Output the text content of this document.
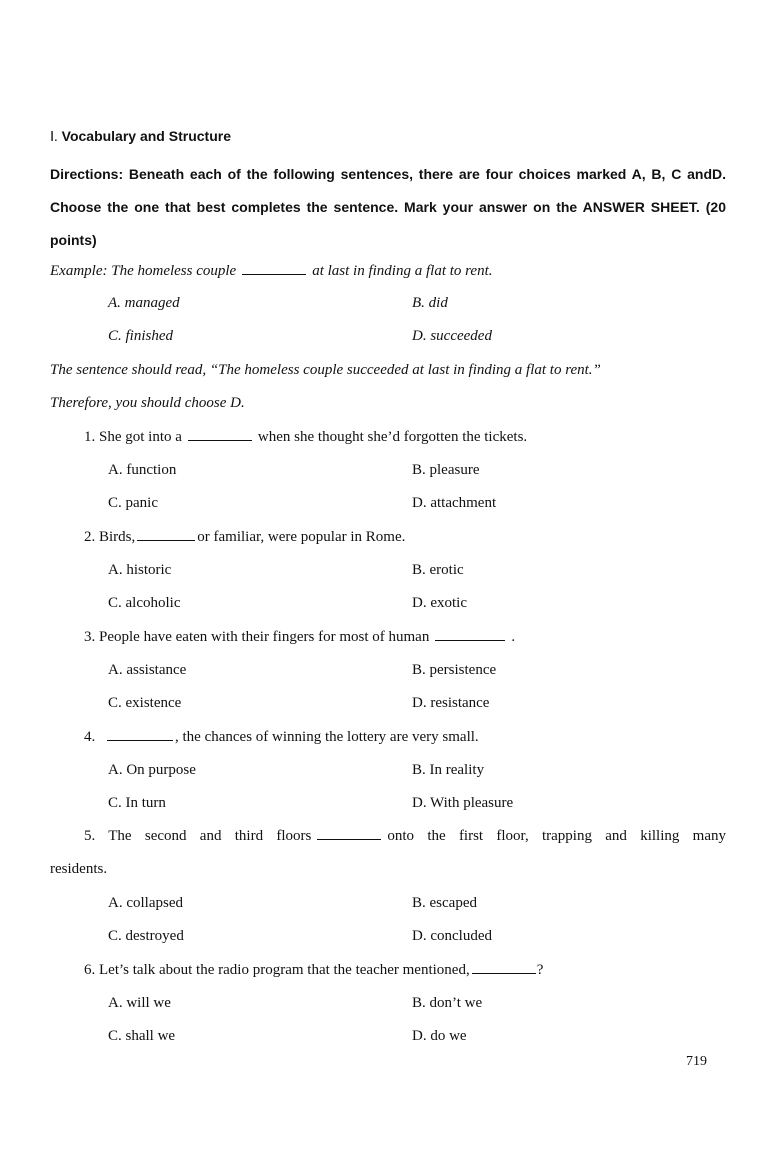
Ⅰ. Vocabulary and Structure

Directions: Beneath each of the following sentences, there are four choices marked A, B, C andD. Choose the one that best completes the sentence. Mark your answer on the ANSWER SHEET. (20 points)

Example: The homeless couple	at last in finding a flat to rent.
A. managed	B. did
C. finished	D. succeeded
The sentence should read, “The homeless couple succeeded at last in finding a flat to rent.”
Therefore, you should choose D.
1. She got into a	when she thought she’d forgotten the tickets.
A. function	B. pleasure
C. panic	D. attachment
2. Birds,	or familiar, were popular in Rome.
A. historic	B. erotic
C. alcoholic	D. exotic
3. People have eaten with their fingers for most of human	.
A. assistance	B. persistence
C. existence	D. resistance
4.	, the chances of winning the lottery are very small.
A. On purpose	B. In reality
C. In turn	D. With pleasure
5. The second and third floors	onto the first floor, trapping and killing many
residents.
A. collapsed	B. escaped
C. destroyed	D. concluded
6. Let’s talk about the radio program that the teacher mentioned,	?
A. will we	B. don’t we
C. shall we	D. do we
719
